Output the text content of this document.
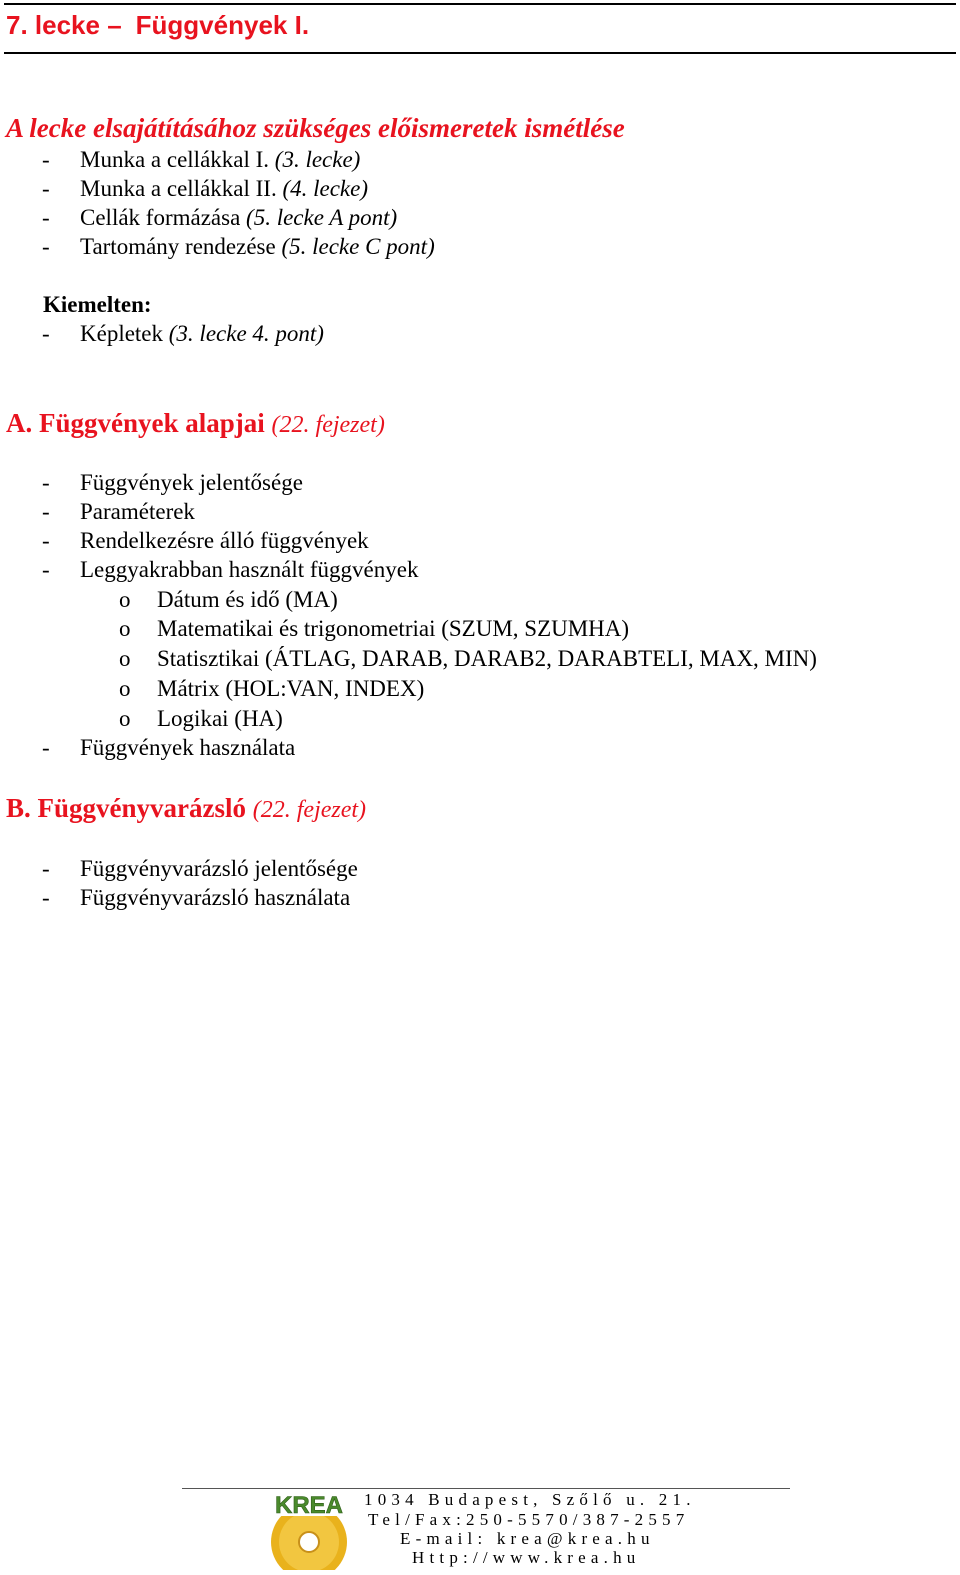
7. lecke – Függvények I.
A lecke elsajátításához szükséges előismeretek ismétlése
- Munka a cellákkal I. (3. lecke)
- Munka a cellákkal II. (4. lecke)
- Cellák formázása (5. lecke A pont)
- Tartomány rendezése (5. lecke C pont)
Kiemelten:
- Képletek (3. lecke 4. pont)
A. Függvények alapjai (22. fejezet)
- Függvények jelentősége
- Paraméterek
- Rendelkezésre álló függvények
- Leggyakrabban használt függvények
o Dátum és idő (MA)
o Matematikai és trigonometriai (SZUM, SZUMHA)
o Statisztikai (ÁTLAG, DARAB, DARAB2, DARABTELI, MAX, MIN)
o Mátrix (HOL:VAN, INDEX)
o Logikai (HA)
- Függvények használata
B. Függvényvarázsló (22. fejezet)
- Függvényvarázsló jelentősége
- Függvényvarázsló használata
KREA 1034 Budapest, Szőlő u. 21.
Tel/Fax:250-5570/387-2557
E-mail: krea@krea.hu
Http://www.krea.hu
